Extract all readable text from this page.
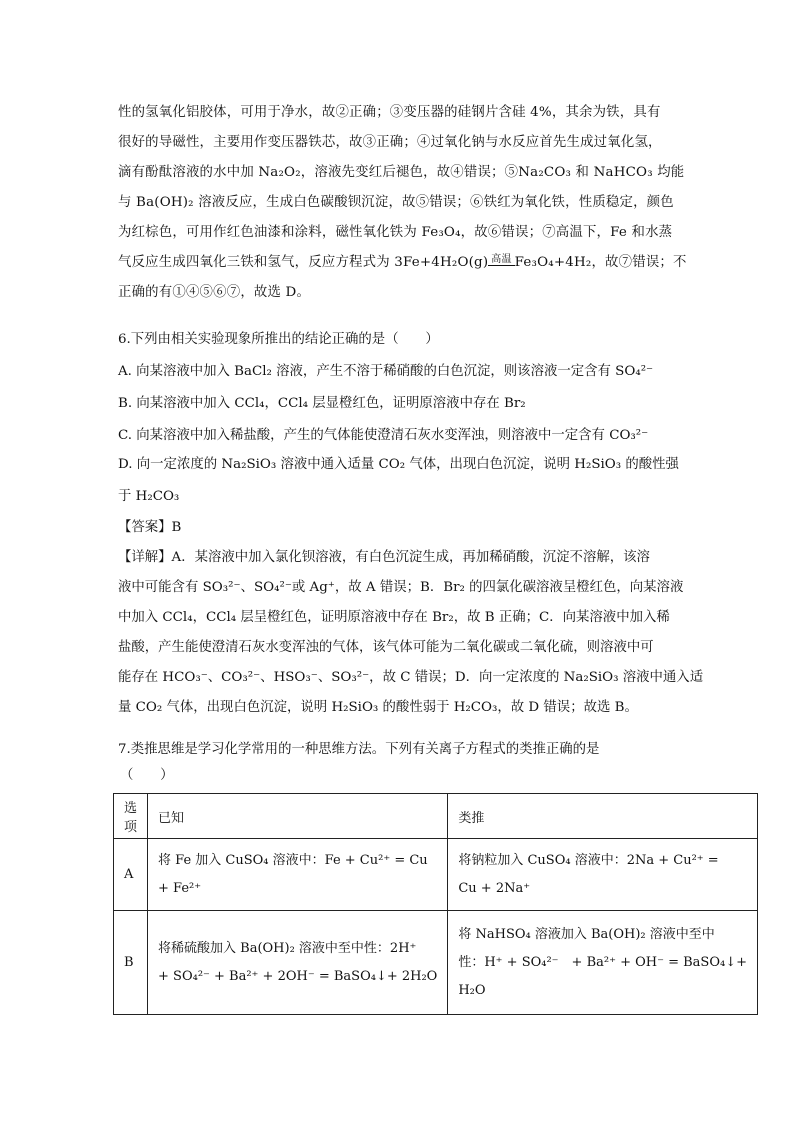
性的氢氧化铝胶体，可用于净水，故②正确；③变压器的硅钢片含硅 4%，其余为铁，具有
很好的导磁性，主要用作变压器铁芯，故③正确；④过氧化钠与水反应首先生成过氧化氢，
滴有酚酞溶液的水中加 Na₂O₂，溶液先变红后褪色，故④错误；⑤Na₂CO₃ 和 NaHCO₃ 均能
与 Ba(OH)₂ 溶液反应，生成白色碳酸钡沉淀，故⑤错误；⑥铁红为氧化铁，性质稳定，颜色
为红棕色，可用作红色油漆和涂料，磁性氧化铁为 Fe₃O₄，故⑥错误；⑦高温下，Fe 和水蒸
气反应生成四氧化三铁和氢气，反应方程式为 3Fe+4H₂O(g) 高温 Fe₃O₄+4H₂，故⑦错误；不
正确的有①④⑤⑥⑦，故选 D。
6.下列由相关实验现象所推出的结论正确的是（　　）
A. 向某溶液中加入 BaCl₂ 溶液，产生不溶于稀硝酸的白色沉淀，则该溶液一定含有 SO₄²⁻
B. 向某溶液中加入 CCl₄，CCl₄ 层显橙红色，证明原溶液中存在 Br₂
C. 向某溶液中加入稀盐酸，产生的气体能使澄清石灰水变浑浊，则溶液中一定含有 CO₃²⁻
D. 向一定浓度的 Na₂SiO₃ 溶液中通入适量 CO₂ 气体，出现白色沉淀，说明 H₂SiO₃ 的酸性强
于 H₂CO₃
【答案】B
【详解】A．某溶液中加入氯化钡溶液，有白色沉淀生成，再加稀硝酸，沉淀不溶解，该溶
液中可能含有 SO₃²⁻、SO₄²⁻或 Ag⁺，故 A 错误；B．Br₂ 的四氯化碳溶液呈橙红色，向某溶液
中加入 CCl₄，CCl₄ 层呈橙红色，证明原溶液中存在 Br₂，故 B 正确；C．向某溶液中加入稀
盐酸，产生能使澄清石灰水变浑浊的气体，该气体可能为二氧化碳或二氧化硫，则溶液中可
能存在 HCO₃⁻、CO₃²⁻、HSO₃⁻、SO₃²⁻，故 C 错误；D．向一定浓度的 Na₂SiO₃ 溶液中通入适
量 CO₂ 气体，出现白色沉淀，说明 H₂SiO₃ 的酸性弱于 H₂CO₃，故 D 错误；故选 B。
7.类推思维是学习化学常用的一种思维方法。下列有关离子方程式的类推正确的是
（　　）
选项	已知	类推
A	将 Fe 加入 CuSO₄ 溶液中：Fe + Cu²⁺ = Cu
+ Fe²⁺	将钠粒加入 CuSO₄ 溶液中：2Na + Cu²⁺ =
Cu + 2Na⁺

B	将稀硫酸加入 Ba(OH)₂ 溶液中至中性：2H⁺
+ SO₄²⁻ + Ba²⁺ + 2OH⁻ = BaSO₄↓+ 2H₂O	将 NaHSO₄ 溶液加入 Ba(OH)₂ 溶液中至中
性：H⁺ + SO₄²⁻　+ Ba²⁺ + OH⁻ = BaSO₄↓+
H₂O
